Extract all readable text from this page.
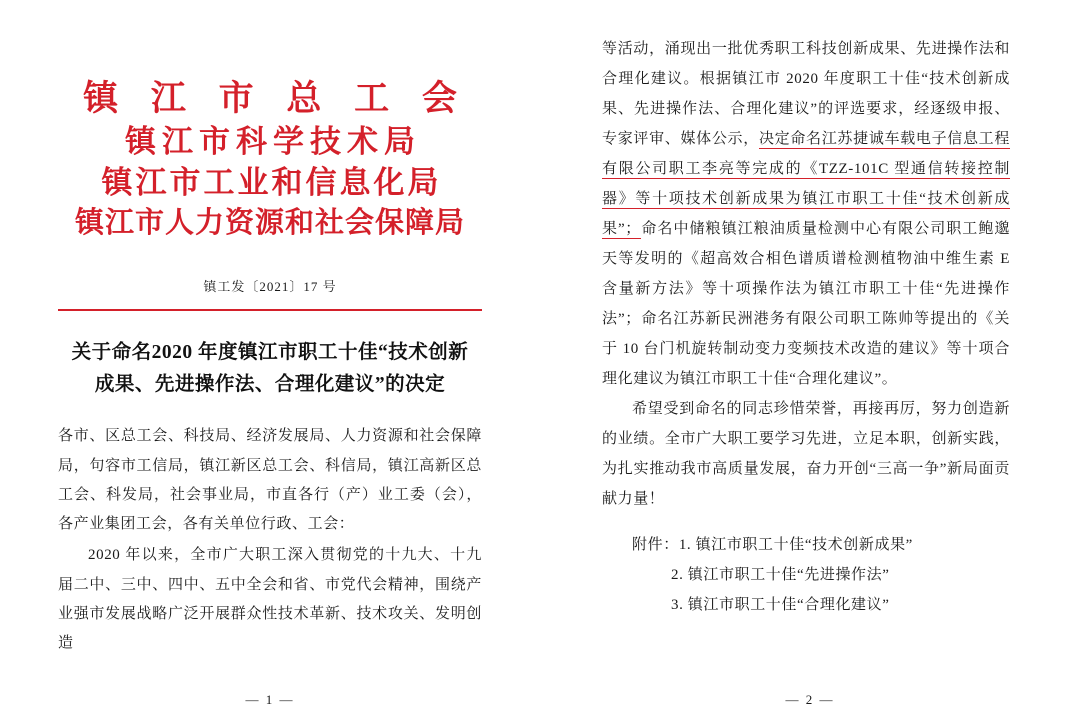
镇 江 市 总 工 会
镇江市科学技术局
镇江市工业和信息化局
镇江市人力资源和社会保障局
镇工发〔2021〕17 号
关于命名2020 年度镇江市职工十佳“技术创新成果、先进操作法、合理化建议”的决定

各市、区总工会、科技局、经济发展局、人力资源和社会保障局，句容市工信局，镇江新区总工会、科信局，镇江高新区总工会、科发局，社会事业局，市直各行（产）业工委（会），各产业集团工会，各有关单位行政、工会：

2020 年以来，全市广大职工深入贯彻党的十九大、十九届二中、三中、四中、五中全会和省、市党代会精神，围绕产业强市发展战略广泛开展群众性技术革新、技术攻关、发明创造

— 1 —

等活动，涌现出一批优秀职工科技创新成果、先进操作法和合理化建议。根据镇江市 2020 年度职工十佳“技术创新成果、先进操作法、合理化建议”的评选要求，经逐级申报、专家评审、媒体公示，决定命名江苏捷诚车载电子信息工程有限公司职工李亮等完成的《TZZ-101C 型通信转接控制器》等十项技术创新成果为镇江市职工十佳“技术创新成果”；命名中储粮镇江粮油质量检测中心有限公司职工鲍邈天等发明的《超高效合相色谱质谱检测植物油中维生素 E 含量新方法》等十项操作法为镇江市职工十佳“先进操作法”；命名江苏新民洲港务有限公司职工陈帅等提出的《关于 10 台门机旋转制动变力变频技术改造的建议》等十项合理化建议为镇江市职工十佳“合理化建议”。

希望受到命名的同志珍惜荣誉，再接再厉，努力创造新的业绩。全市广大职工要学习先进，立足本职，创新实践，为扎实推动我市高质量发展，奋力开创“三高一争”新局面贡献力量！

附件：1. 镇江市职工十佳“技术创新成果”
2. 镇江市职工十佳“先进操作法”
3. 镇江市职工十佳“合理化建议”
— 2 —
